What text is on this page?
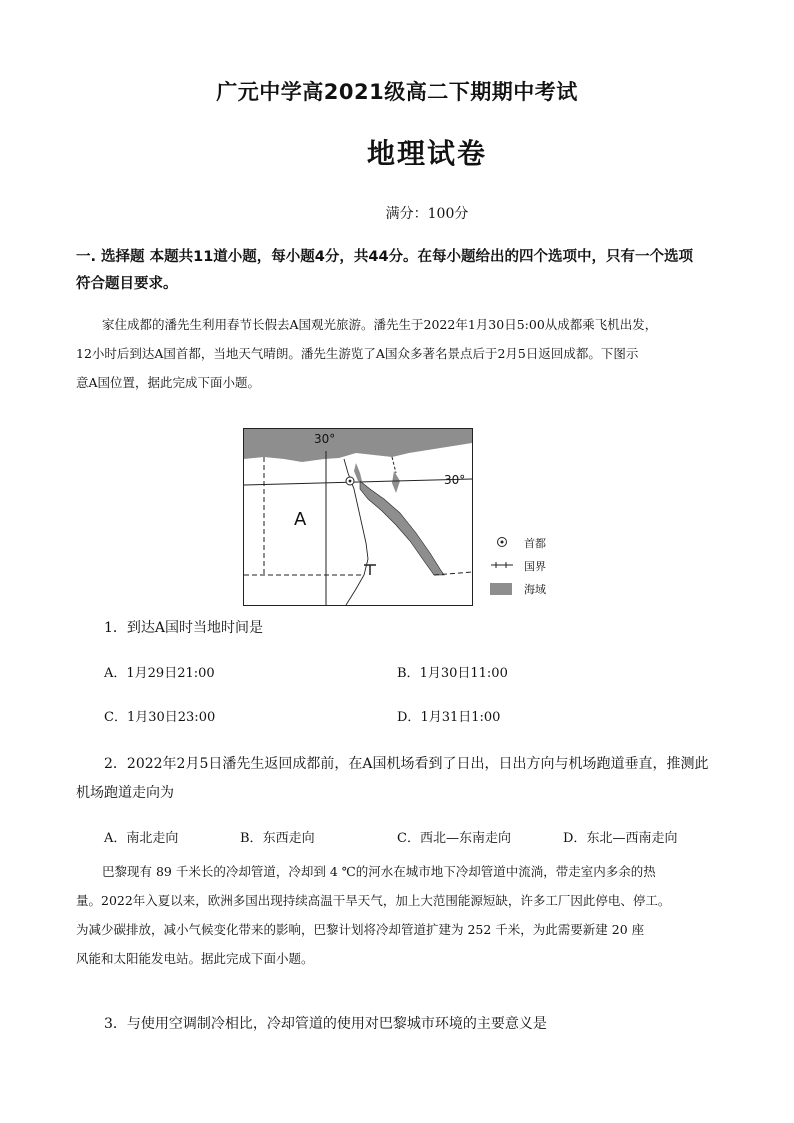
广元中学高2021级高二下期期中考试
地理试卷
满分：100分
一. 选择题 本题共11道小题，每小题4分，共44分。在每小题给出的四个选项中，只有一个选项
符合题目要求。
家住成都的潘先生利用春节长假去A国观光旅游。潘先生于2022年1月30日5:00从成都乘飞机出发，
12小时后到达A国首都，当地天气晴朗。潘先生游览了A国众多著名景点后于2月5日返回成都。下图示
意A国位置，据此完成下面小题。
30°
30°
A
首都
国界
海域
1．到达A国时当地时间是
A．1月29日21:00	B．1月30日11:00
C．1月30日23:00	D．1月31日1:00
2．2022年2月5日潘先生返回成都前，在A国机场看到了日出，日出方向与机场跑道垂直，推测此
机场跑道走向为
A．南北走向	B．东西走向	C．西北—东南走向	D．东北—西南走向
巴黎现有 89 千米长的冷却管道，冷却到 4 ℃的河水在城市地下冷却管道中流淌，带走室内多余的热
量。2022年入夏以来，欧洲多国出现持续高温干旱天气，加上大范围能源短缺，许多工厂因此停电、停工。
为减少碳排放，减小气候变化带来的影响，巴黎计划将冷却管道扩建为 252 千米，为此需要新建 20 座
风能和太阳能发电站。据此完成下面小题。
3．与使用空调制冷相比，冷却管道的使用对巴黎城市环境的主要意义是
